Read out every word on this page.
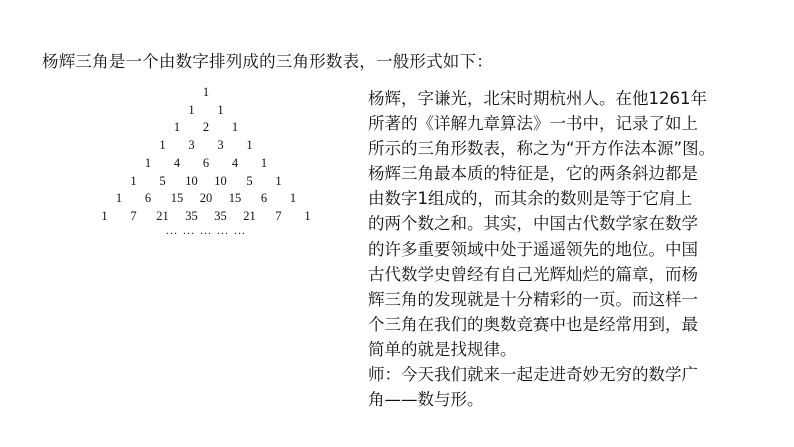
杨辉三角是一个由数字排列成的三角形数表，一般形式如下：

1
1	1
1	2	1
1	3	3	1
1	4	6	4	1
1	5	10	10	5	1
1	6	15	20	15	6	1
1	7	21	35	35	21	7	1
… … … … …
杨辉，字谦光，北宋时期杭州人。在他1261年
所著的《详解九章算法》一书中，记录了如上
所示的三角形数表，称之为“开方作法本源”图。
杨辉三角最本质的特征是，它的两条斜边都是
由数字1组成的，而其余的数则是等于它肩上
的两个数之和。其实，中国古代数学家在数学
的许多重要领域中处于遥遥领先的地位。中国
古代数学史曾经有自己光辉灿烂的篇章，而杨
辉三角的发现就是十分精彩的一页。而这样一
个三角在我们的奥数竞赛中也是经常用到，最
简单的就是找规律。
师：今天我们就来一起走进奇妙无穷的数学广
角——数与形。
